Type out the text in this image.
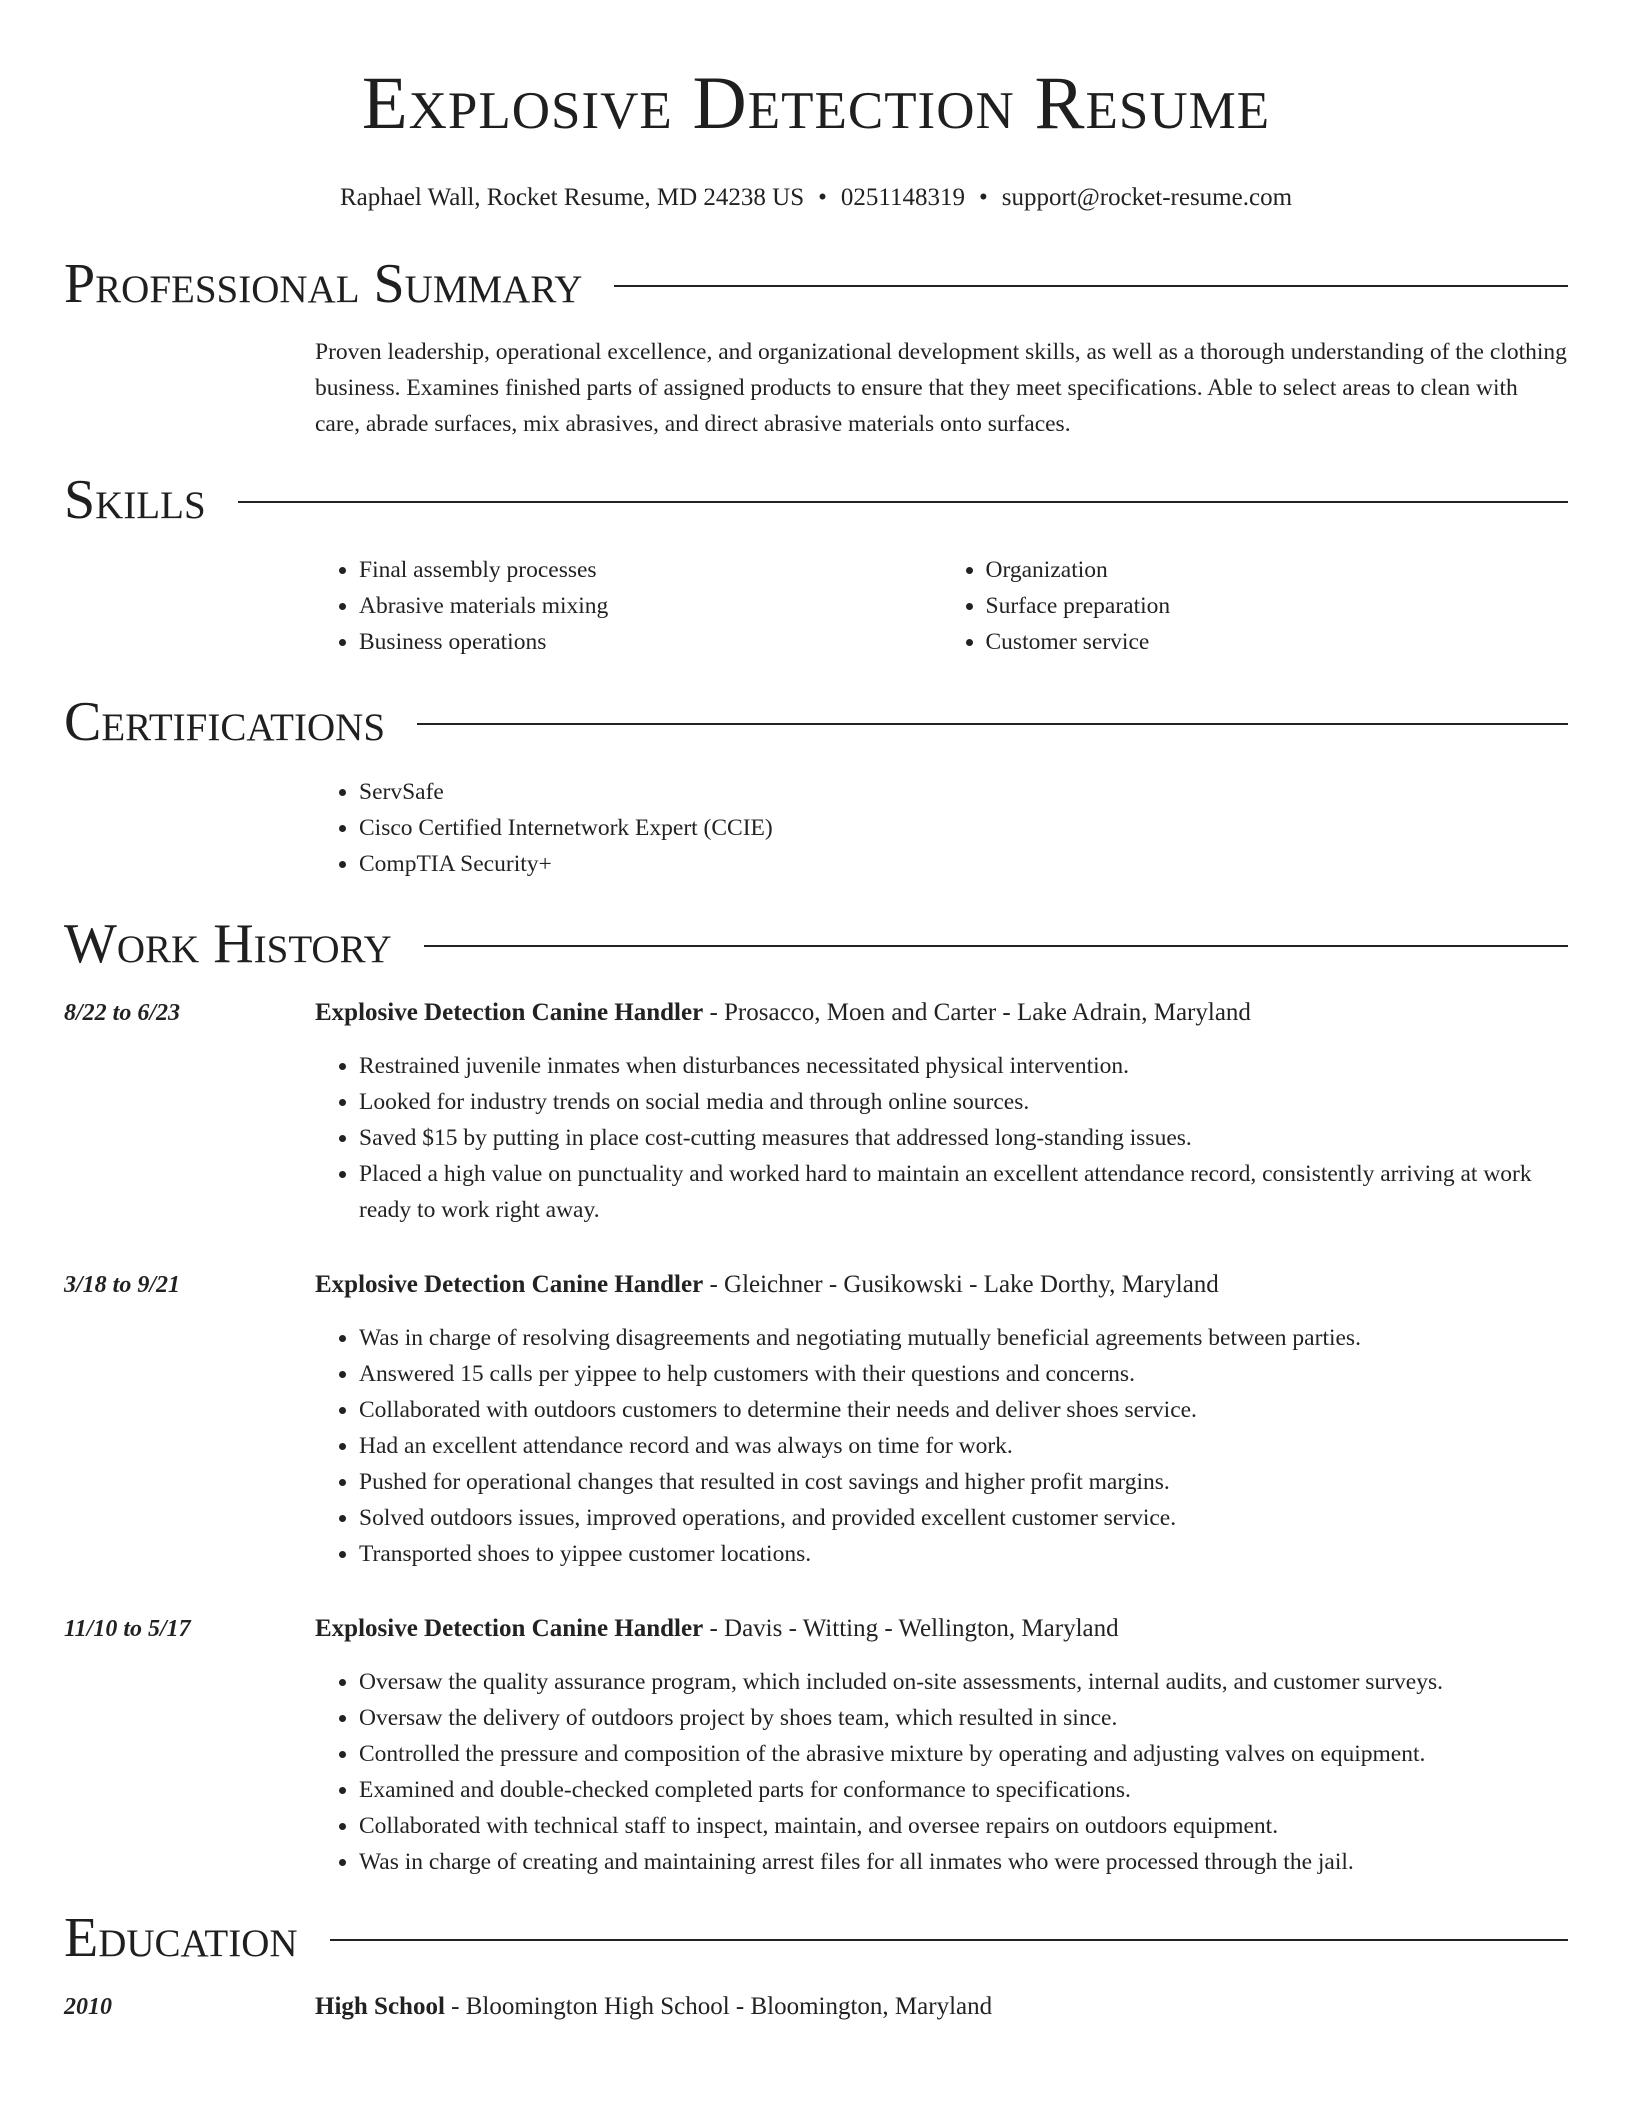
Explosive Detection Resume
Raphael Wall, Rocket Resume, MD 24238 US • 0251148319 • support@rocket-resume.com
Professional Summary
Proven leadership, operational excellence, and organizational development skills, as well as a thorough understanding of the clothing business. Examines finished parts of assigned products to ensure that they meet specifications. Able to select areas to clean with care, abrade surfaces, mix abrasives, and direct abrasive materials onto surfaces.
Skills
• Final assembly processes
• Abrasive materials mixing
• Business operations
• Organization
• Surface preparation
• Customer service
Certifications
• ServSafe
• Cisco Certified Internetwork Expert (CCIE)
• CompTIA Security+
Work History
8/22 to 6/23	Explosive Detection Canine Handler - Prosacco, Moen and Carter - Lake Adrain, Maryland
• Restrained juvenile inmates when disturbances necessitated physical intervention.
• Looked for industry trends on social media and through online sources.
• Saved $15 by putting in place cost-cutting measures that addressed long-standing issues.
• Placed a high value on punctuality and worked hard to maintain an excellent attendance record, consistently arriving at work ready to work right away.
3/18 to 9/21	Explosive Detection Canine Handler - Gleichner - Gusikowski - Lake Dorthy, Maryland
• Was in charge of resolving disagreements and negotiating mutually beneficial agreements between parties.
• Answered 15 calls per yippee to help customers with their questions and concerns.
• Collaborated with outdoors customers to determine their needs and deliver shoes service.
• Had an excellent attendance record and was always on time for work.
• Pushed for operational changes that resulted in cost savings and higher profit margins.
• Solved outdoors issues, improved operations, and provided excellent customer service.
• Transported shoes to yippee customer locations.
11/10 to 5/17	Explosive Detection Canine Handler - Davis - Witting - Wellington, Maryland
• Oversaw the quality assurance program, which included on-site assessments, internal audits, and customer surveys.
• Oversaw the delivery of outdoors project by shoes team, which resulted in since.
• Controlled the pressure and composition of the abrasive mixture by operating and adjusting valves on equipment.
• Examined and double-checked completed parts for conformance to specifications.
• Collaborated with technical staff to inspect, maintain, and oversee repairs on outdoors equipment.
• Was in charge of creating and maintaining arrest files for all inmates who were processed through the jail.
Education
2010	High School - Bloomington High School - Bloomington, Maryland
